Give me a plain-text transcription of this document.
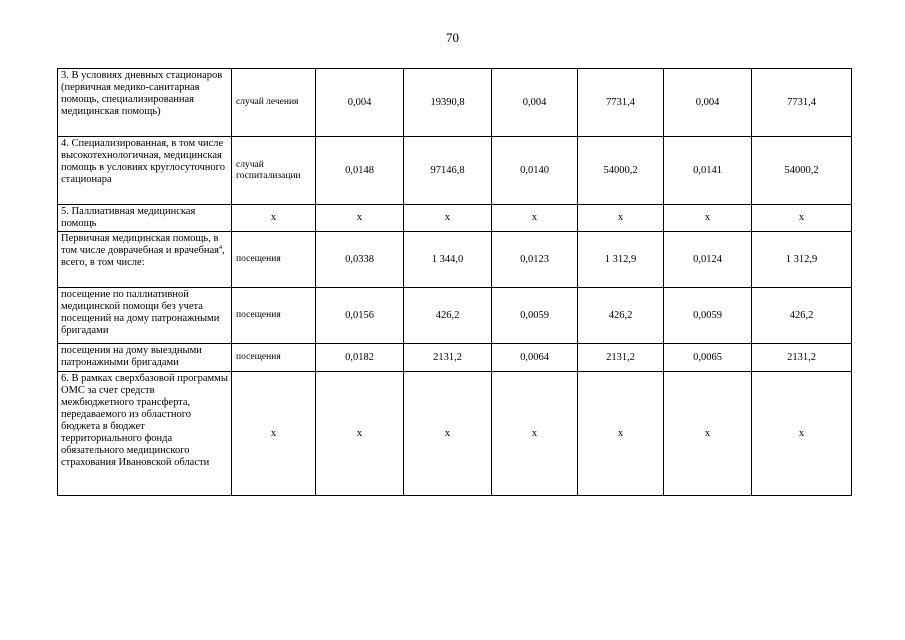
70
3. В условиях дневных стационаров (первичная медико-санитарная помощь, специализированная медицинская помощь)	случай лечения	0,004	19390,8	0,004	7731,4	0,004	7731,4
4. Специализированная, в том числе высокотехнологичная, медицинская помощь в условиях круглосуточного стационара	случай госпитализации	0,0148	97146,8	0,0140	54000,2	0,0141	54000,2
5. Паллиативная медицинская помощь	х	х	х	х	х	х	х
Первичная медицинская помощь, в том числе доврачебная и врачебная$^4$, всего, в том числе:	посещения	0,0338	1 344,0	0,0123	1 312,9	0,0124	1 312,9
посещение по паллиативной медицинской помощи без учета посещений на дому патронажными бригадами	посещения	0,0156	426,2	0,0059	426,2	0,0059	426,2
посещения на дому выездными патронажными бригадами	посещения	0,0182	2131,2	0,0064	2131,2	0,0065	2131,2
6. В рамках сверхбазовой программы ОМС за счет средств межбюджетного трансферта, передаваемого из областного бюджета в бюджет территориального фонда обязательного медицинского страхования Ивановской области	х	х	х	х	х	х	х
